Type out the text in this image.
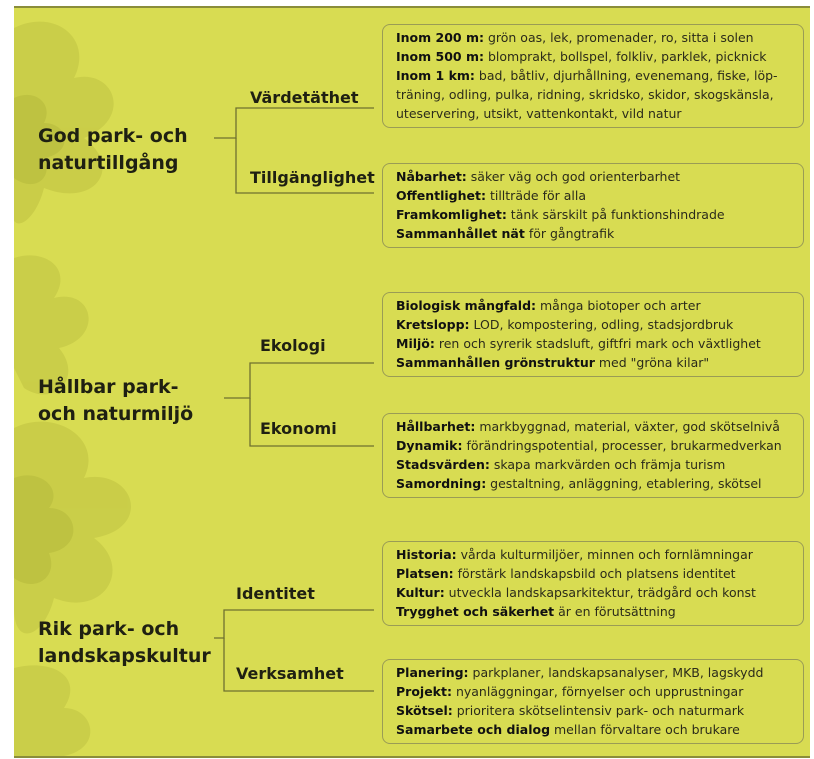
God park- och
naturtillgång
Värdetäthet
Tillgänglighet
Inom 200 m: grön oas, lek, promenader, ro, sitta i solen
Inom 500 m: blomprakt, bollspel, folkliv, parklek, picknick
Inom 1 km: bad, båtliv, djurhållning, evenemang, fiske, löp-
träning, odling, pulka, ridning, skridsko, skidor, skogskänsla,
uteservering, utsikt, vattenkontakt, vild natur
Nåbarhet: säker väg och god orienterbarhet
Offentlighet: tillträde för alla
Framkomlighet: tänk särskilt på funktionshindrade
Sammanhållet nät för gångtrafik
Hållbar park-
och naturmiljö
Ekologi
Ekonomi
Biologisk mångfald: många biotoper och arter
Kretslopp: LOD, kompostering, odling, stadsjordbruk
Miljö: ren och syrerik stadsluft, giftfri mark och växtlighet
Sammanhållen grönstruktur med "gröna kilar"
Hållbarhet: markbyggnad, material, växter, god skötselnivå
Dynamik: förändringspotential, processer, brukarmedverkan
Stadsvärden: skapa markvärden och främja turism
Samordning: gestaltning, anläggning, etablering, skötsel
Rik park- och
landskapskultur
Identitet
Verksamhet
Historia: vårda kulturmiljöer, minnen och fornlämningar
Platsen: förstärk landskapsbild och platsens identitet
Kultur: utveckla landskapsarkitektur, trädgård och konst
Trygghet och säkerhet är en förutsättning
Planering: parkplaner, landskapsanalyser, MKB, lagskydd
Projekt: nyanläggningar, förnyelser och upprustningar
Skötsel: prioritera skötselintensiv park- och naturmark
Samarbete och dialog mellan förvaltare och brukare
